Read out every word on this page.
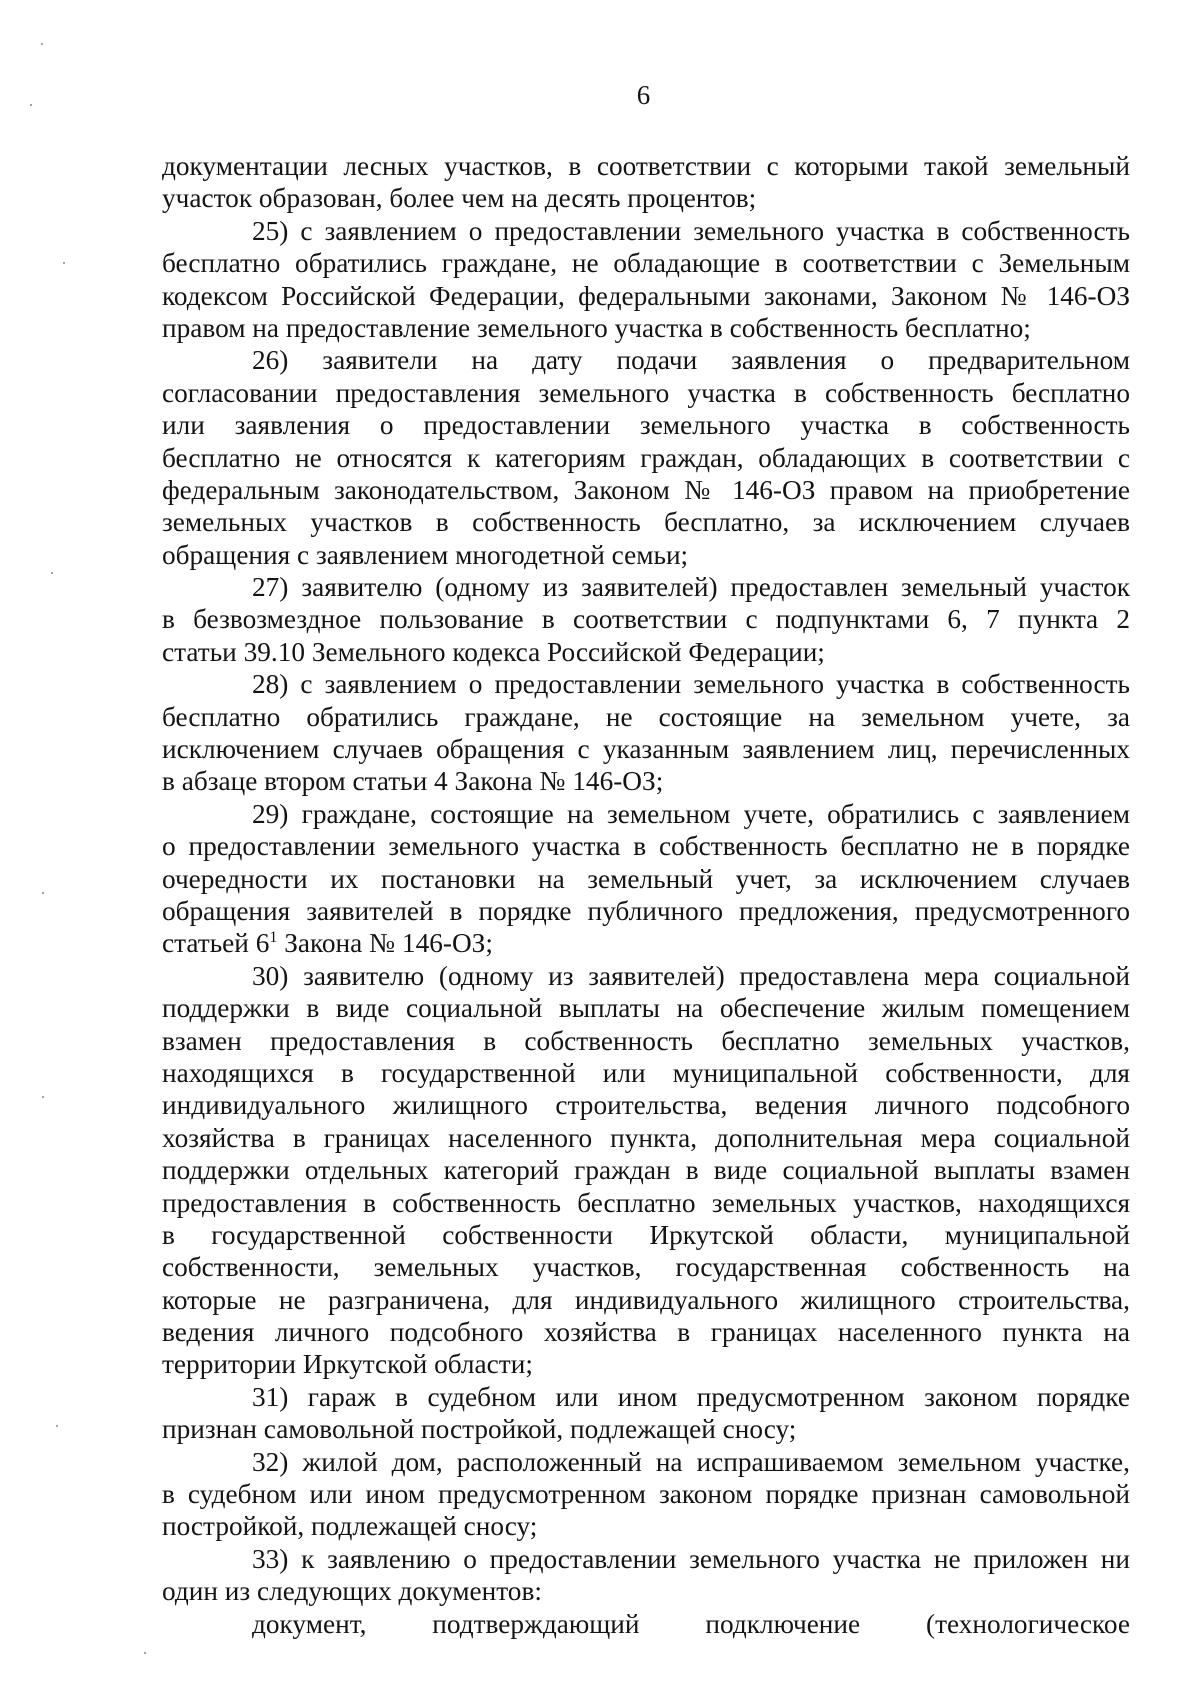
6
документации лесных участков, в соответствии с которыми такой земельный
участок образован, более чем на десять процентов;
25) с заявлением о предоставлении земельного участка в собственность
бесплатно обратились граждане, не обладающие в соответствии с Земельным
кодексом Российской Федерации, федеральными законами, Законом № 146-ОЗ
правом на предоставление земельного участка в собственность бесплатно;
26) заявители на дату подачи заявления о предварительном
согласовании предоставления земельного участка в собственность бесплатно
или заявления о предоставлении земельного участка в собственность
бесплатно не относятся к категориям граждан, обладающих в соответствии с
федеральным законодательством, Законом № 146-ОЗ правом на приобретение
земельных участков в собственность бесплатно, за исключением случаев
обращения с заявлением многодетной семьи;
27) заявителю (одному из заявителей) предоставлен земельный участок
в безвозмездное пользование в соответствии с подпунктами 6, 7 пункта 2
статьи 39.10 Земельного кодекса Российской Федерации;
28) с заявлением о предоставлении земельного участка в собственность
бесплатно обратились граждане, не состоящие на земельном учете, за
исключением случаев обращения с указанным заявлением лиц, перечисленных
в абзаце втором статьи 4 Закона № 146-ОЗ;
29) граждане, состоящие на земельном учете, обратились с заявлением
о предоставлении земельного участка в собственность бесплатно не в порядке
очередности их постановки на земельный учет, за исключением случаев
обращения заявителей в порядке публичного предложения, предусмотренного
статьей $6^1$ Закона № 146-ОЗ;
30) заявителю (одному из заявителей) предоставлена мера социальной
поддержки в виде социальной выплаты на обеспечение жилым помещением
взамен предоставления в собственность бесплатно земельных участков,
находящихся в государственной или муниципальной собственности, для
индивидуального жилищного строительства, ведения личного подсобного
хозяйства в границах населенного пункта, дополнительная мера социальной
поддержки отдельных категорий граждан в виде социальной выплаты взамен
предоставления в собственность бесплатно земельных участков, находящихся
в государственной собственности Иркутской области, муниципальной
собственности, земельных участков, государственная собственность на
которые не разграничена, для индивидуального жилищного строительства,
ведения личного подсобного хозяйства в границах населенного пункта на
территории Иркутской области;
31) гараж в судебном или ином предусмотренном законом порядке
признан самовольной постройкой, подлежащей сносу;
32) жилой дом, расположенный на испрашиваемом земельном участке,
в судебном или ином предусмотренном законом порядке признан самовольной
постройкой, подлежащей сносу;
33) к заявлению о предоставлении земельного участка не приложен ни
один из следующих документов:
документ, подтверждающий подключение (технологическое
